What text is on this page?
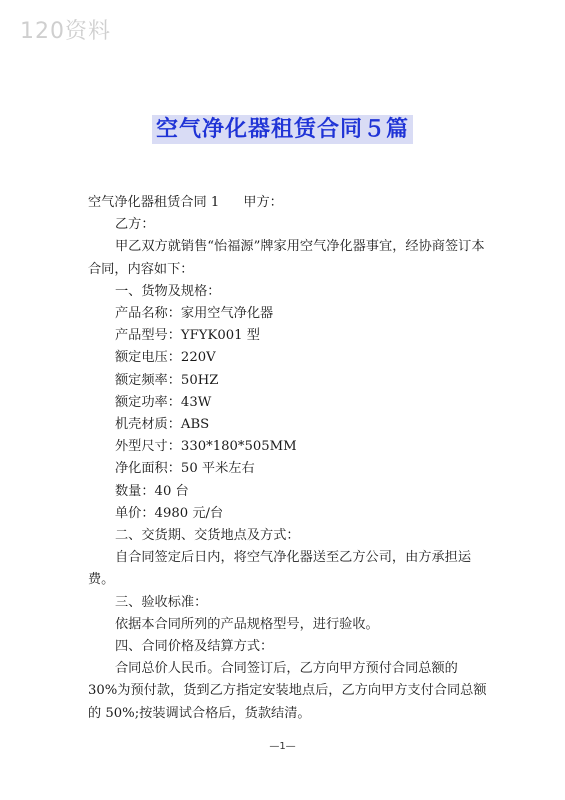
120资料
空气净化器租赁合同５篇

空气净化器租赁合同 1 甲方：

乙方：

甲乙双方就销售“怡福源”牌家用空气净化器事宜，经协商签订本合同，内容如下：

一、货物及规格：

产品名称：家用空气净化器

产品型号：YFYK001 型

额定电压：220V

额定频率：50HZ

额定功率：43W

机壳材质：ABS

外型尺寸：330*180*505MM

净化面积：50 平米左右

数量：40 台

单价：4980 元/台

二、交货期、交货地点及方式：

自合同签定后日内，将空气净化器送至乙方公司，由方承担运费。

三、验收标准：

依据本合同所列的产品规格型号，进行验收。

四、合同价格及结算方式：

合同总价人民币。合同签订后，乙方向甲方预付合同总额的 30%为预付款，货到乙方指定安装地点后，乙方向甲方支付合同总额的 50%;按装调试合格后，货款结清。

—1—
